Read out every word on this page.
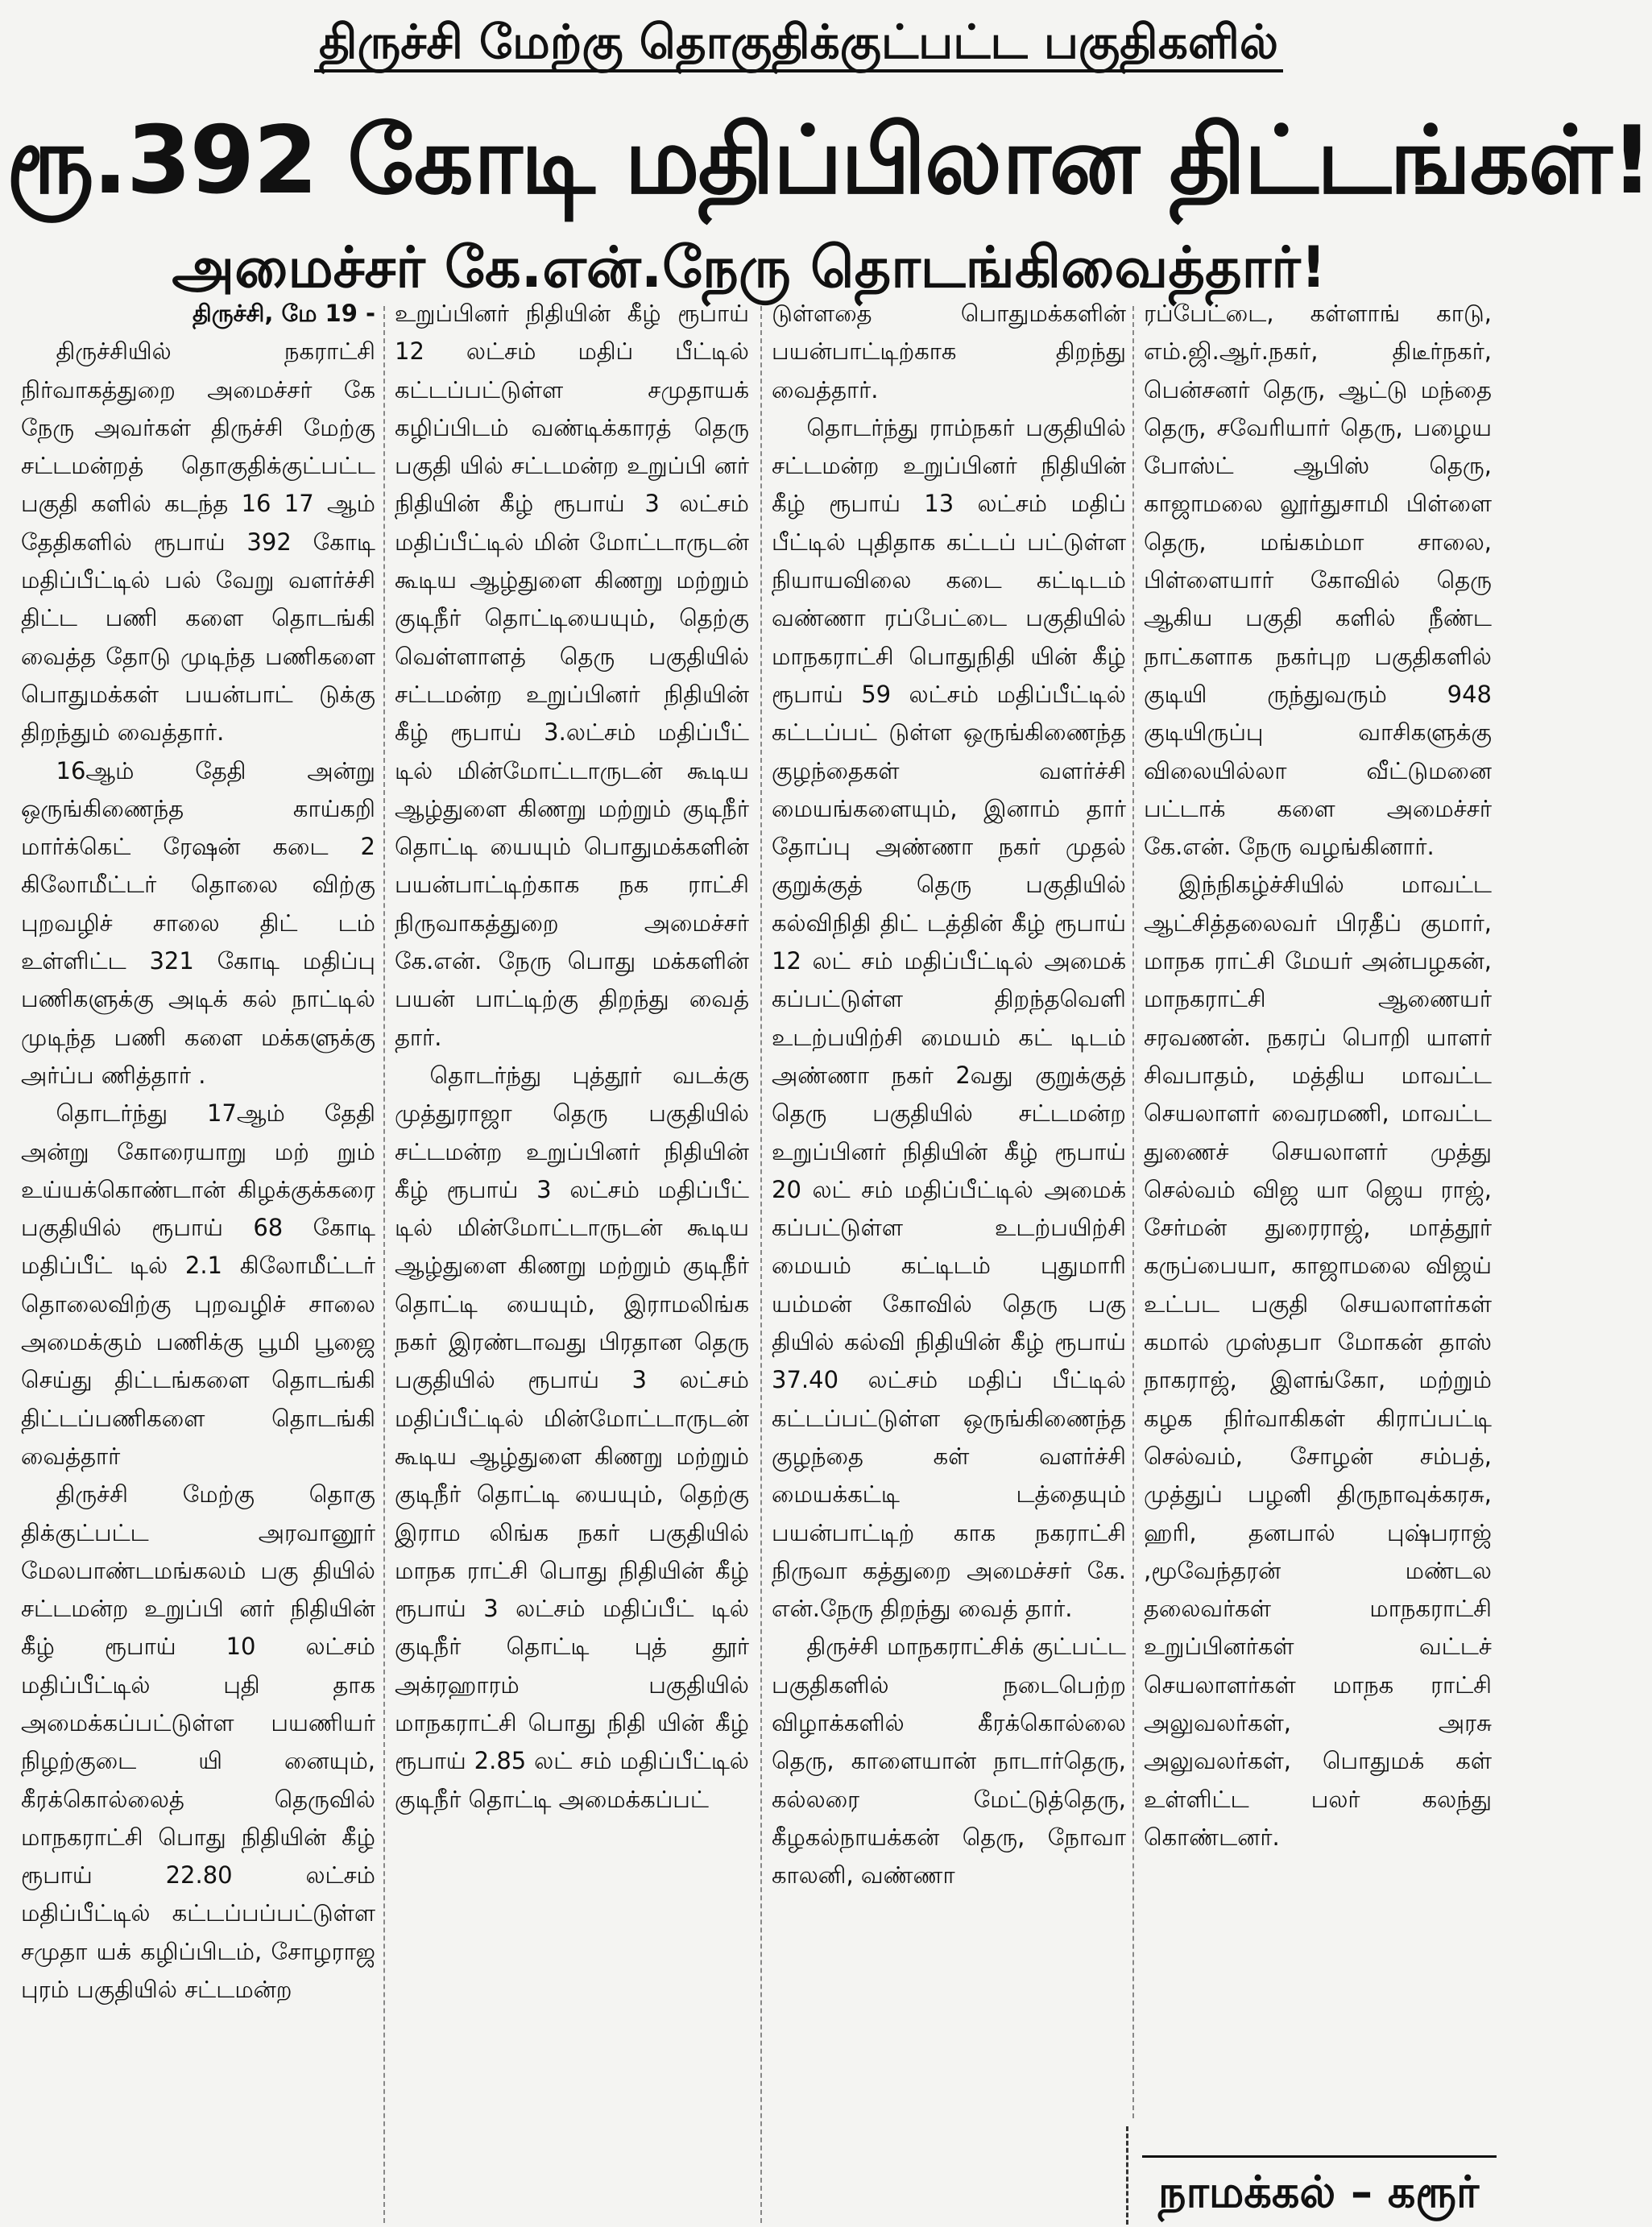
திருச்சி மேற்கு தொகுதிக்குட்பட்ட பகுதிகளில்
ரூ.392 கோடி மதிப்பிலான திட்டங்கள்!
அமைச்சர் கே.என்.நேரு தொடங்கிவைத்தார்!

திருச்சி, மே 19 -

திருச்சியில் நகராட்சி நிர்வாகத்துறை அமைச்சர் கே நேரு அவர்கள் திருச்சி மேற்கு சட்டமன்றத் தொகுதிக்குட்பட்ட பகுதி களில் கடந்த 16 17 ஆம் தேதிகளில் ரூபாய் 392 கோடி மதிப்பீட்டில் பல் வேறு வளர்ச்சி திட்ட பணி களை தொடங்கி வைத்த தோடு முடிந்த பணிகளை பொதுமக்கள் பயன்பாட் டுக்கு திறந்தும் வைத்தார்.

16ஆம் தேதி அன்று ஒருங்கிணைந்த காய்கறி மார்க்கெட் ரேஷன் கடை 2 கிலோமீட்டர் தொலை விற்கு புறவழிச் சாலை திட் டம் உள்ளிட்ட 321 கோடி மதிப்பு பணிகளுக்கு அடிக் கல் நாட்டில் முடிந்த பணி களை மக்களுக்கு அர்ப்ப ணித்தார் .

தொடர்ந்து 17ஆம் தேதி அன்று கோரையாறு மற் றும் உய்யக்கொண்டான் கிழக்குக்கரை பகுதியில் ரூபாய் 68 கோடி மதிப்பீட் டில் 2.1 கிலோமீட்டர் தொலைவிற்கு புறவழிச் சாலை அமைக்கும் பணிக்கு பூமி பூஜை செய்து திட்டங்களை தொடங்கி திட்டப்பணிகளை தொடங்கி வைத்தார்

திருச்சி மேற்கு தொகு திக்குட்பட்ட அரவானூர் மேலபாண்டமங்கலம் பகு தியில் சட்டமன்ற உறுப்பி னர் நிதியின் கீழ் ரூபாய் 10 லட்சம் மதிப்பீட்டில் புதி தாக அமைக்கப்பட்டுள்ள பயணியர் நிழற்குடை யி னையும், கீரக்கொல்லைத் தெருவில் மாநகராட்சி பொது நிதியின் கீழ் ரூபாய் 22.80 லட்சம் மதிப்பீட்டில் கட்டப்பப்பட்டுள்ள சமுதா யக் கழிப்பிடம், சோழராஜ புரம் பகுதியில் சட்டமன்ற

உறுப்பினர் நிதியின் கீழ் ரூபாய் 12 லட்சம் மதிப் பீட்டில் கட்டப்பட்டுள்ள சமுதாயக் கழிப்பிடம் வண்டிக்காரத் தெரு பகுதி யில் சட்டமன்ற உறுப்பி னர் நிதியின் கீழ் ரூபாய் 3 லட்சம் மதிப்பீட்டில் மின் மோட்டாருடன் கூடிய ஆழ்துளை கிணறு மற்றும் குடிநீர் தொட்டியையும், தெற்கு வெள்ளாளத் தெரு பகுதியில் சட்டமன்ற உறுப்பினர் நிதியின் கீழ் ரூபாய் 3.லட்சம் மதிப்பீட் டில் மின்மோட்டாருடன் கூடிய ஆழ்துளை கிணறு மற்றும் குடிநீர் தொட்டி யையும் பொதுமக்களின் பயன்பாட்டிற்காக நக ராட்சி நிருவாகத்துறை அமைச்சர் கே.என். நேரு பொது மக்களின் பயன் பாட்டிற்கு திறந்து வைத் தார்.

தொடர்ந்து புத்தூர் வடக்கு முத்துராஜா தெரு பகுதியில் சட்டமன்ற உறுப்பினர் நிதியின் கீழ் ரூபாய் 3 லட்சம் மதிப்பீட் டில் மின்மோட்டாருடன் கூடிய ஆழ்துளை கிணறு மற்றும் குடிநீர் தொட்டி யையும், இராமலிங்க நகர் இரண்டாவது பிரதான தெரு பகுதியில் ரூபாய் 3 லட்சம் மதிப்பீட்டில் மின்மோட்டாருடன் கூடிய ஆழ்துளை கிணறு மற்றும் குடிநீர் தொட்டி யையும், தெற்கு இராம லிங்க நகர் பகுதியில் மாநக ராட்சி பொது நிதியின் கீழ் ரூபாய் 3 லட்சம் மதிப்பீட் டில் குடிநீர் தொட்டி புத் தூர் அக்ரஹாரம் பகுதியில் மாநகராட்சி பொது நிதி யின் கீழ் ரூபாய் 2.85 லட் சம் மதிப்பீட்டில் குடிநீர் தொட்டி அமைக்கப்பட்

டுள்ளதை பொதுமக்களின் பயன்பாட்டிற்காக திறந்து வைத்தார்.

தொடர்ந்து ராம்நகர் பகுதியில் சட்டமன்ற உறுப்பினர் நிதியின் கீழ் ரூபாய் 13 லட்சம் மதிப் பீட்டில் புதிதாக கட்டப் பட்டுள்ள நியாயவிலை கடை கட்டிடம் வண்ணா ரப்பேட்டை பகுதியில் மாநகராட்சி பொதுநிதி யின் கீழ் ரூபாய் 59 லட்சம் மதிப்பீட்டில் கட்டப்பட் டுள்ள ஒருங்கிணைந்த குழந்தைகள் வளர்ச்சி மையங்களையும், இனாம் தார் தோப்பு அண்ணா நகர் முதல் குறுக்குத் தெரு பகுதியில் கல்விநிதி திட் டத்தின் கீழ் ரூபாய் 12 லட் சம் மதிப்பீட்டில் அமைக் கப்பட்டுள்ள திறந்தவெளி உடற்பயிற்சி மையம் கட் டிடம் அண்ணா நகர் 2வது குறுக்குத் தெரு பகுதியில் சட்டமன்ற உறுப்பினர் நிதியின் கீழ் ரூபாய் 20 லட் சம் மதிப்பீட்டில் அமைக் கப்பட்டுள்ள உடற்பயிற்சி மையம் கட்டிடம் புதுமாரி யம்மன் கோவில் தெரு பகு தியில் கல்வி நிதியின் கீழ் ரூபாய் 37.40 லட்சம் மதிப் பீட்டில் கட்டப்பட்டுள்ள ஒருங்கிணைந்த குழந்தை கள் வளர்ச்சி மையக்கட்டி டத்தையும் பயன்பாட்டிற் காக நகராட்சி நிருவா கத்துறை அமைச்சர் கே. என்.நேரு திறந்து வைத் தார்.

திருச்சி மாநகராட்சிக் குட்பட்ட பகுதிகளில் நடைபெற்ற விழாக்களில் கீரக்கொல்லை தெரு, காளையான் நாடார்தெரு, கல்லரை மேட்டுத்தெரு, கீழகல்நாயக்கன் தெரு, நோவா காலனி, வண்ணா

ரப்பேட்டை, கள்ளாங் காடு, எம்.ஜி.ஆர்.நகர், திடீர்நகர், பென்சனர் தெரு, ஆட்டு மந்தை தெரு, சவேரியார் தெரு, பழைய போஸ்ட் ஆபிஸ் தெரு, காஜாமலை லூர்துசாமி பிள்ளை தெரு, மங்கம்மா சாலை, பிள்ளையார் கோவில் தெரு ஆகிய பகுதி களில் நீண்ட நாட்களாக நகர்புற பகுதிகளில் குடியி ருந்துவரும் 948 குடியிருப்பு வாசிகளுக்கு விலையில்லா வீட்டுமனை பட்டாக் களை அமைச்சர் கே.என். நேரு வழங்கினார்.

இந்நிகழ்ச்சியில் மாவட்ட ஆட்சித்தலைவர் பிரதீப் குமார், மாநக ராட்சி மேயர் அன்பழகன், மாநகராட்சி ஆணையர் சரவணன். நகரப் பொறி யாளர் சிவபாதம், மத்திய மாவட்ட செயலாளர் வைரமணி, மாவட்ட துணைச் செயலாளர் முத்து செல்வம் விஜ யா ஜெய ராஜ், சேர்மன் துரைராஜ், மாத்தூர் கருப்பையா, காஜாமலை விஜய் உட்பட பகுதி செயலாளர்கள் கமால் முஸ்தபா மோகன் தாஸ் நாகராஜ், இளங்கோ, மற்றும் கழக நிர்வாகிகள் கிராப்பட்டி செல்வம், சோழன் சம்பத், முத்துப் பழனி திருநாவுக்கரசு, ஹரி, தனபால் புஷ்பராஜ் ,மூவேந்தரன் மண்டல தலைவர்கள் மாநகராட்சி உறுப்பினர்கள் வட்டச் செயலாளர்கள் மாநக ராட்சி அலுவலர்கள், அரசு அலுவலர்கள், பொதுமக் கள் உள்ளிட்ட பலர் கலந்து கொண்டனர்.

நாமக்கல் – கரூர்
